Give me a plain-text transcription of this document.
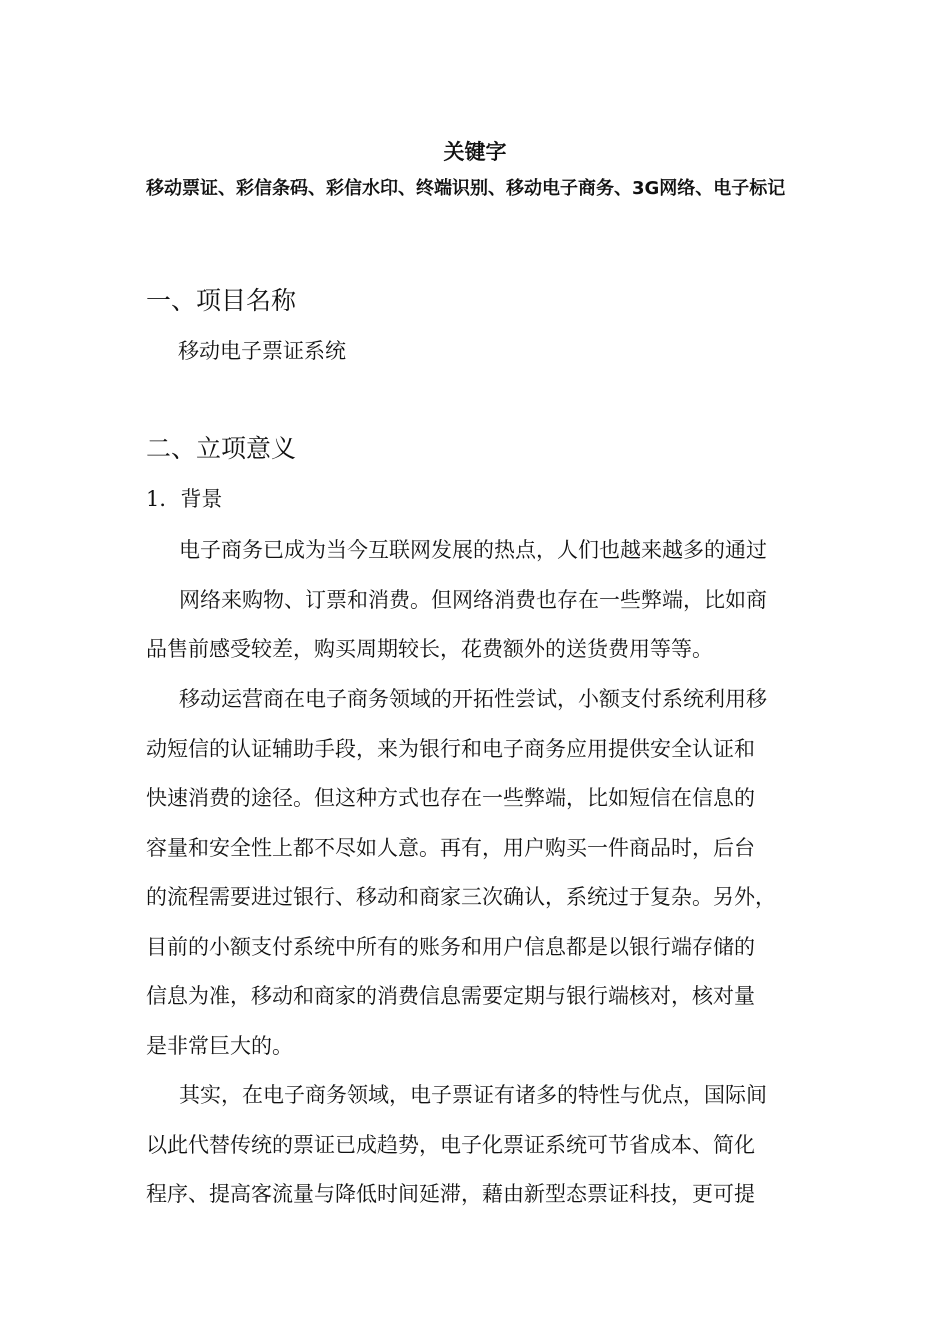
关键字
移动票证、彩信条码、彩信水印、终端识别、移动电子商务、3G网络、电子标记
一、项目名称
移动电子票证系统
二、立项意义
1．背景
电子商务已成为当今互联网发展的热点，人们也越来越多的通过
网络来购物、订票和消费。但网络消费也存在一些弊端，比如商
品售前感受较差，购买周期较长，花费额外的送货费用等等。
移动运营商在电子商务领域的开拓性尝试，小额支付系统利用移
动短信的认证辅助手段，来为银行和电子商务应用提供安全认证和
快速消费的途径。但这种方式也存在一些弊端，比如短信在信息的
容量和安全性上都不尽如人意。再有，用户购买一件商品时，后台
的流程需要进过银行、移动和商家三次确认，系统过于复杂。另外，
目前的小额支付系统中所有的账务和用户信息都是以银行端存储的
信息为准，移动和商家的消费信息需要定期与银行端核对，核对量
是非常巨大的。
其实，在电子商务领域，电子票证有诸多的特性与优点，国际间
以此代替传统的票证已成趋势，电子化票证系统可节省成本、简化
程序、提高客流量与降低时间延滞，藉由新型态票证科技，更可提
